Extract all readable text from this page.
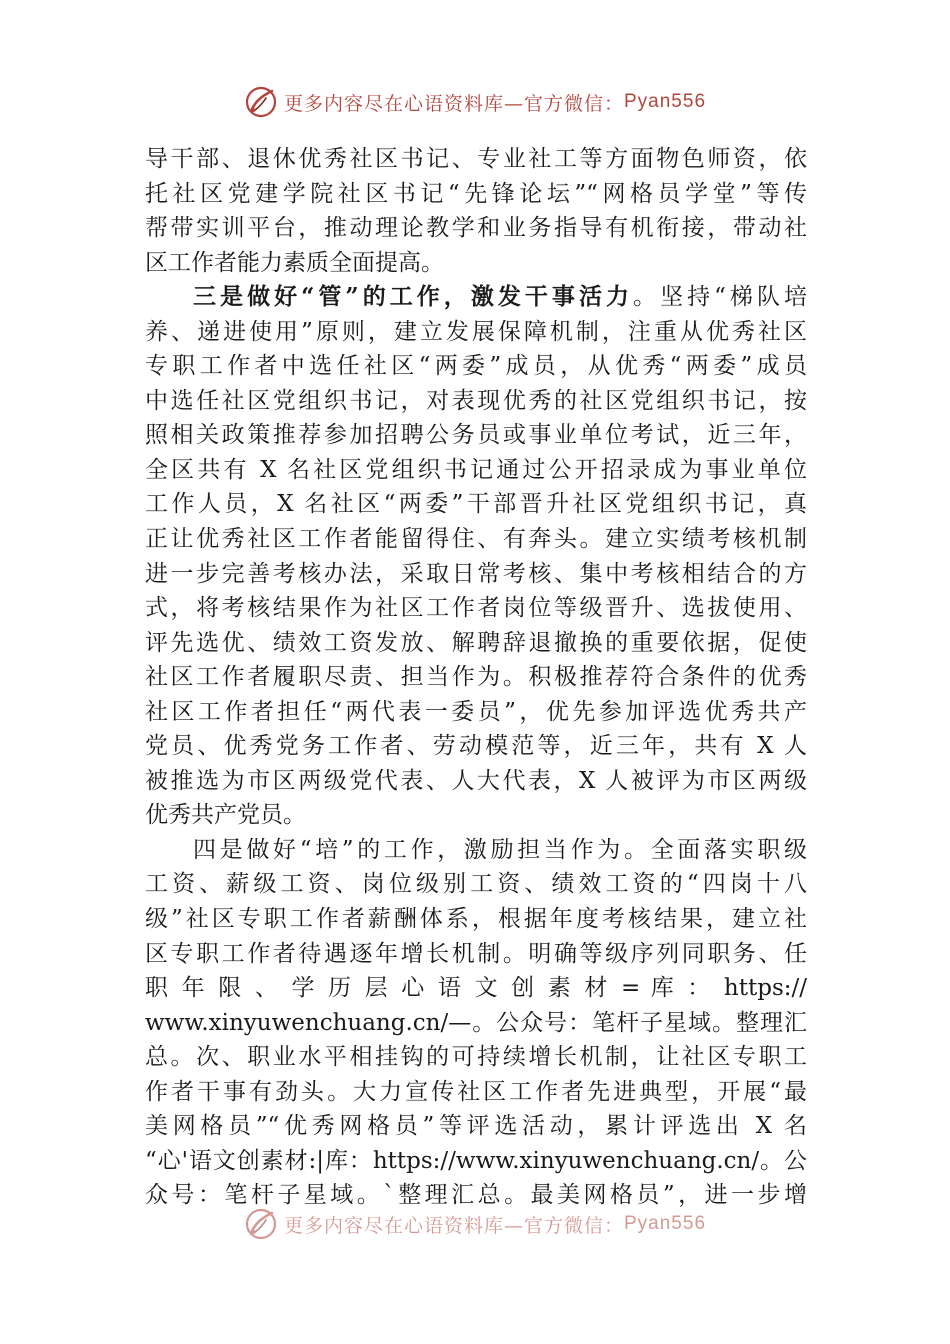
更多内容尽在心语资料库—官方微信： Pyan556
导干部、退休优秀社区书记、专业社工等方面物色师资，依
托社区党建学院社区书记“先锋论坛”“网格员学堂”等传
帮带实训平台，推动理论教学和业务指导有机衔接，带动社
区工作者能力素质全面提高。
三是做好“管”的工作，激发干事活力。坚持“梯队培
养、递进使用”原则，建立发展保障机制，注重从优秀社区
专职工作者中选任社区“两委”成员，从优秀“两委”成员
中选任社区党组织书记，对表现优秀的社区党组织书记，按
照相关政策推荐参加招聘公务员或事业单位考试，近三年，
全区共有 X 名社区党组织书记通过公开招录成为事业单位
工作人员，X 名社区“两委”干部晋升社区党组织书记，真
正让优秀社区工作者能留得住、有奔头。建立实绩考核机制
进一步完善考核办法，采取日常考核、集中考核相结合的方
式，将考核结果作为社区工作者岗位等级晋升、选拔使用、
评先选优、绩效工资发放、解聘辞退撤换的重要依据，促使
社区工作者履职尽责、担当作为。积极推荐符合条件的优秀
社区工作者担任“两代表一委员”，优先参加评选优秀共产
党员、优秀党务工作者、劳动模范等，近三年，共有 X 人
被推选为市区两级党代表、人大代表，X 人被评为市区两级
优秀共产党员。
四是做好“培”的工作，激励担当作为。全面落实职级
工资、薪级工资、岗位级别工资、绩效工资的“四岗十八
级”社区专职工作者薪酬体系，根据年度考核结果，建立社
区专职工作者待遇逐年增长机制。明确等级序列同职务、任
职 年 限 、 学 历 层 心 语 文 创 素 材 = 库 ： https://
www.xinyuwenchuang.cn/—。公众号：笔杆子星域。整理汇
总。次、职业水平相挂钩的可持续增长机制，让社区专职工
作者干事有劲头。大力宣传社区工作者先进典型，开展“最
美网格员”“优秀网格员”等评选活动，累计评选出 X 名
“心'语文创素材:|库：https://www.xinyuwenchuang.cn/。公
众号：笔杆子星域。`整理汇总。最美网格员”，进一步增
更多内容尽在心语资料库—官方微信： Pyan556
